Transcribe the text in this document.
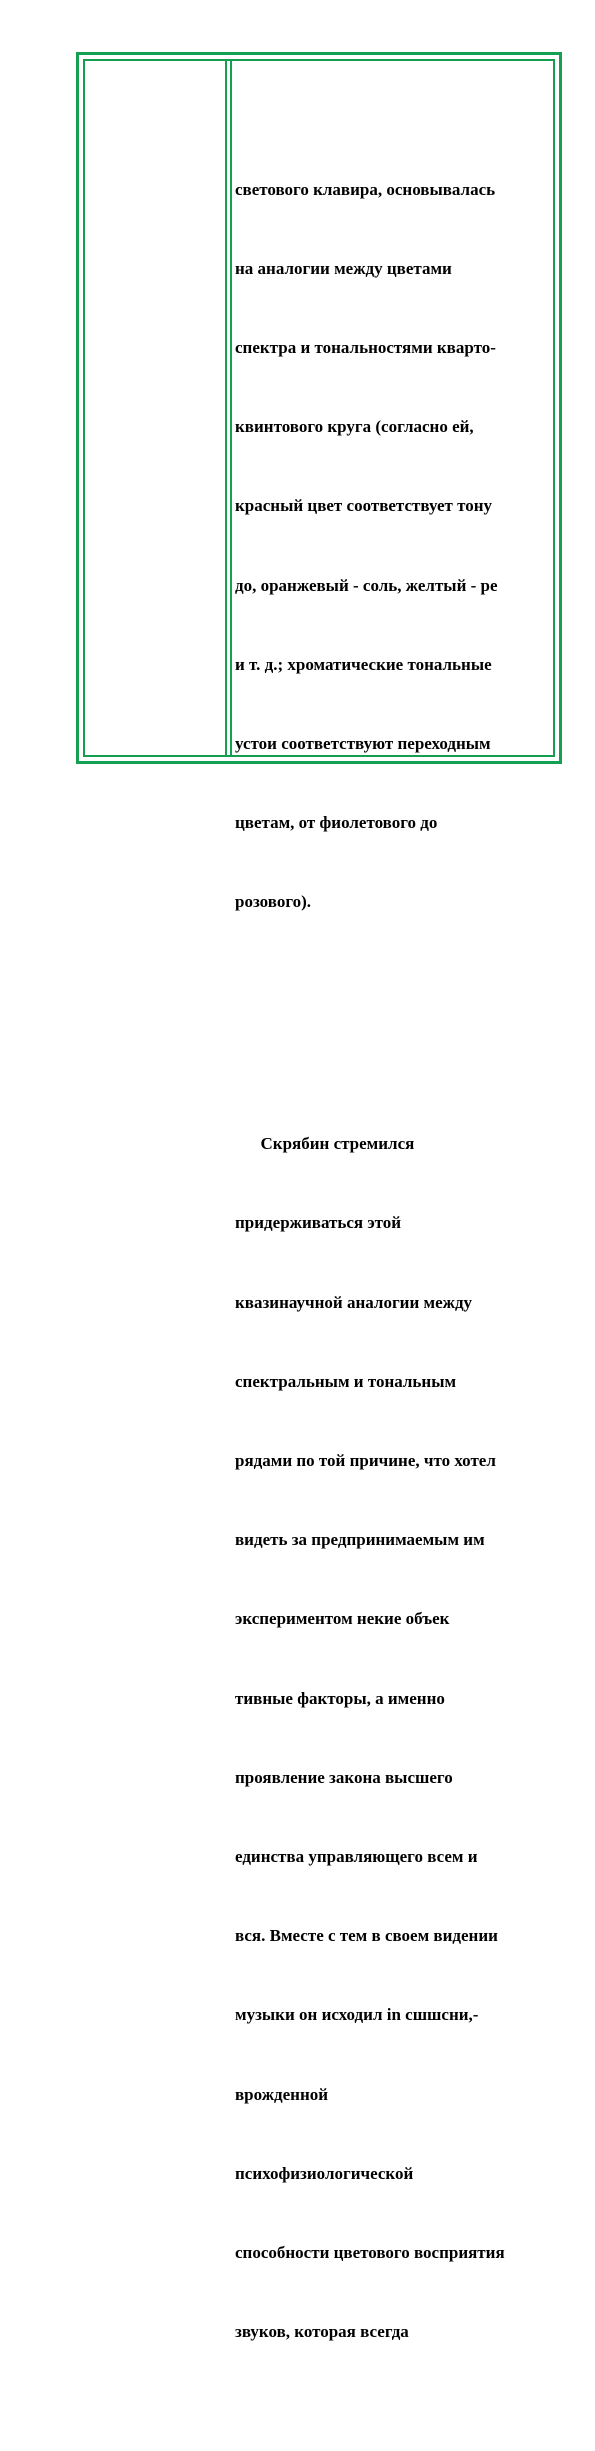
светового клавира, основывалась

на аналогии между цветами

спектра и тональностями кварто-

квинтового круга (согласно ей,

красный цвет соответствует тону

до, оранжевый - соль, желтый - ре

и т. д.; хроматические тональные

устои соответствуют переходным

цветам, от фиолетового до

розового).

Скрябин стремился

придерживаться этой

квазинаучной аналогии между

спектральным и тональным

рядами по той причине, что хотел

видеть за предпринимаемым им

экспериментом некие объек

тивные факторы, а именно

проявление закона высшего

единства управляющего всем и

вся. Вместе с тем в своем видении

музыки он исходил in сшшсни,-

врожденной

психофизиологической

способности цветового восприятия

звуков, которая всегда
